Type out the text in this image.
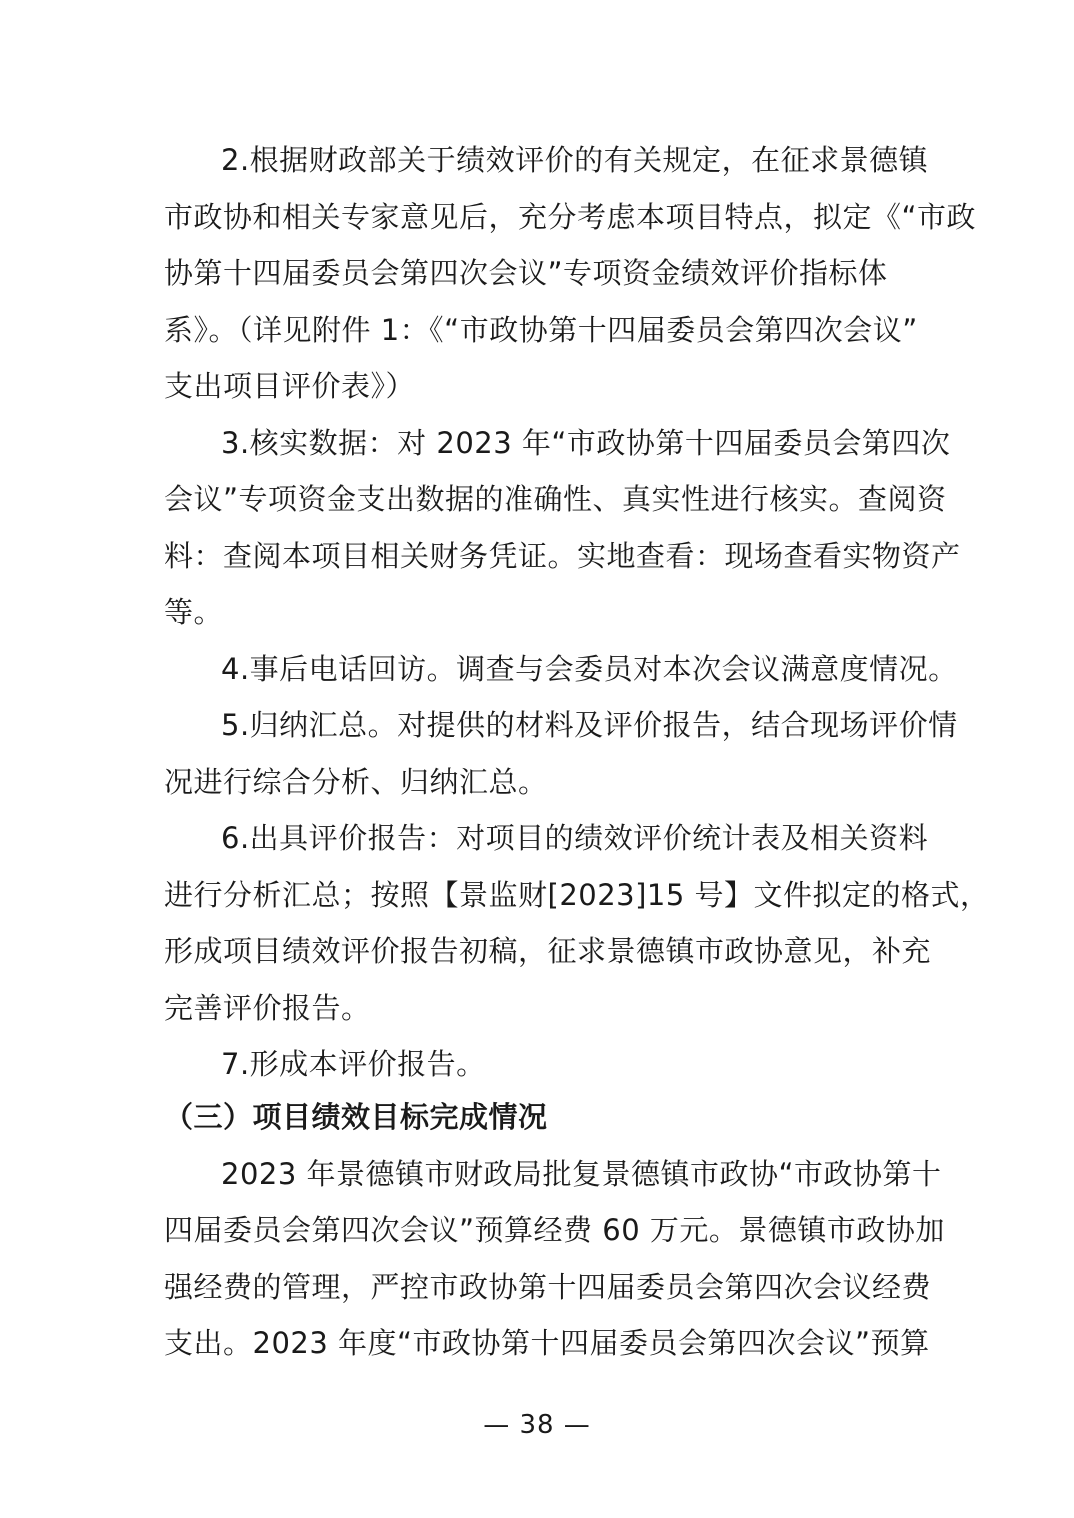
2.根据财政部关于绩效评价的有关规定，在征求景德镇
市政协和相关专家意见后，充分考虑本项目特点，拟定《“市政
协第十四届委员会第四次会议”专项资金绩效评价指标体
系》。（详见附件 1：《“市政协第十四届委员会第四次会议”
支出项目评价表》）
3.核实数据：对 2023 年“市政协第十四届委员会第四次
会议”专项资金支出数据的准确性、真实性进行核实。查阅资
料：查阅本项目相关财务凭证。实地查看：现场查看实物资产
等。
4.事后电话回访。调查与会委员对本次会议满意度情况。
5.归纳汇总。对提供的材料及评价报告，结合现场评价情
况进行综合分析、归纳汇总。
6.出具评价报告：对项目的绩效评价统计表及相关资料
进行分析汇总；按照【景监财[2023]15 号】文件拟定的格式，
形成项目绩效评价报告初稿，征求景德镇市政协意见，补充
完善评价报告。
7.形成本评价报告。
（三）项目绩效目标完成情况
2023 年景德镇市财政局批复景德镇市政协“市政协第十
四届委员会第四次会议”预算经费 60 万元。景德镇市政协加
强经费的管理，严控市政协第十四届委员会第四次会议经费
支出。2023 年度“市政协第十四届委员会第四次会议”预算
— 38 —
